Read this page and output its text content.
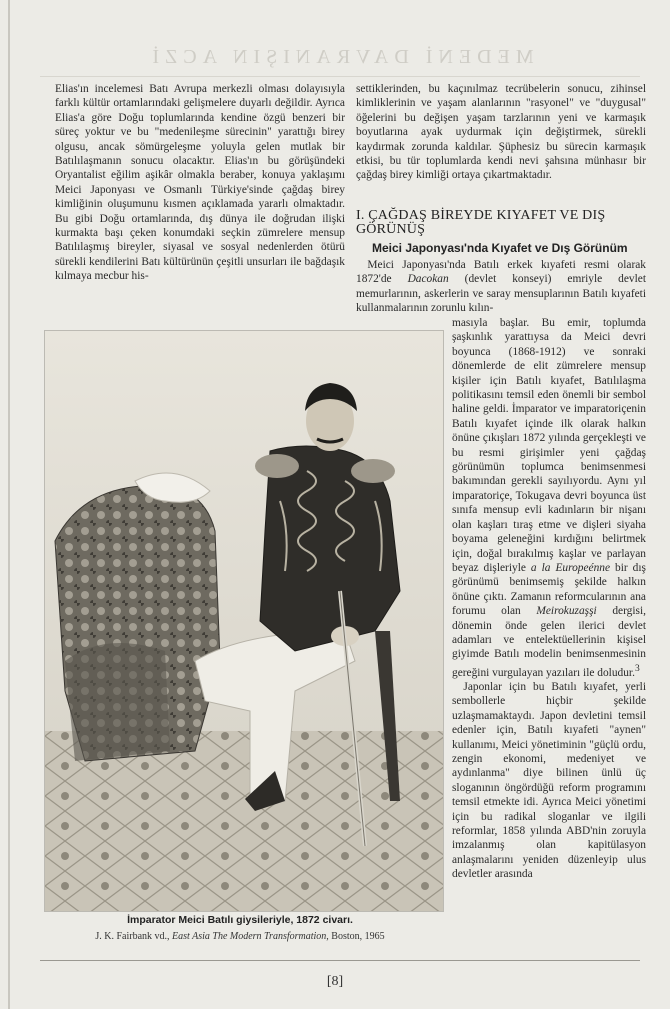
MEDENİ DAVRANIŞIN ACZİ

Elias'ın incelemesi Batı Avrupa merkezli olması dolayısıyla farklı kültür ortamlarındaki gelişmelere duyarlı değildir. Ayrıca Elias'a göre Doğu toplumlarında kendine özgü benzeri bir süreç yoktur ve bu "medenileşme sürecinin" yarattığı birey olgusu, ancak sömürgeleşme yoluyla gelen mutlak bir Batılılaşmanın sonucu olacaktır. Elias'ın bu görüşündeki Oryantalist eğilim aşikâr olmakla beraber, konuya yaklaşımı Meici Japonyası ve Osmanlı Türkiye'sinde çağdaş birey kimliğinin oluşumunu kısmen açıklamada yararlı olmaktadır. Bu gibi Doğu ortamlarında, dış dünya ile doğrudan ilişki kurmakta başı çeken konumdaki seçkin zümrelere mensup Batılılaşmış bireyler, siyasal ve sosyal nedenlerden ötürü sürekli kendilerini Batı kültürünün çeşitli unsurları ile bağdaşık kılmaya mecbur his-

settiklerinden, bu kaçınılmaz tecrübelerin sonucu, zihinsel kimliklerinin ve yaşam alanlarının "rasyonel" ve "duygusal" öğelerini bu değişen yaşam tarzlarının yeni ve karmaşık boyutlarına ayak uydurmak için değiştirmek, sürekli kaydırmak zorunda kaldılar. Şüphesiz bu sürecin karmaşık etkisi, bu tür toplumlarda kendi nevi şahsına münhasır bir çağdaş birey kimliği ortaya çıkartmaktadır.

I. ÇAĞDAŞ BİREYDE KIYAFET VE DIŞ GÖRÜNÜŞ
Meici Japonyası'nda Kıyafet ve Dış Görünüm

 Meici Japonyası'nda Batılı erkek kıyafeti resmi olarak 1872'de Dacokan (devlet konseyi) emriyle devlet memurlarının, askerlerin ve saray mensuplarının Batılı kıyafeti kullanmalarının zorunlu kılın-

masıyla başlar. Bu emir, toplumda şaşkınlık yarattıysa da Meici devri boyunca (1868-1912) ve sonraki dönemlerde de elit zümrelere mensup kişiler için Batılı kıyafet, Batılılaşma politikasını temsil eden önemli bir sembol haline geldi. İmparator ve imparatoriçenin Batılı kıyafet içinde ilk olarak halkın önüne çıkışları 1872 yılında gerçekleşti ve bu resmi girişimler yeni çağdaş görünümün toplumca benimsenmesi bakımından gerekli sayılıyordu. Aynı yıl imparatoriçe, Tokugava devri boyunca üst sınıfa mensup evli kadınların bir nişanı olan kaşları tıraş etme ve dişleri siyaha boyama geleneğini kırdığını belirtmek için, doğal bırakılmış kaşlar ve parlayan beyaz dişleriyle a la Europeénne bir dış görünümü benimsemiş şekilde halkın önüne çıktı. Zamanın reformcularının ana forumu olan Meirokuzaşşi dergisi, dönemin önde gelen ilerici devlet adamları ve entelektüellerinin kişisel giyimde Batılı modelin benimsenmesinin gereğini vurgulayan yazıları ile doludur.$^3$

 Japonlar için bu Batılı kıyafet, yerli sembollerle hiçbir şekilde uzlaşmamaktaydı. Japon devletini temsil edenler için, Batılı kıyafeti "aynen" kullanımı, Meici yönetiminin "güçlü ordu, zengin ekonomi, medeniyet ve aydınlanma" diye bilinen ünlü üç sloganının öngördüğü reform programını temsil etmekte idi. Ayrıca Meici yönetimi için bu radikal sloganlar ve ilgili reformlar, 1858 yılında ABD'nin zoruyla imzalanmış olan kapitülasyon anlaşmalarını yeniden düzenleyip ulus devletler arasında

İmparator Meici Batılı giysileriyle, 1872 civarı.
J. K. Fairbank vd., East Asia The Modern Transformation, Boston, 1965
[8]
